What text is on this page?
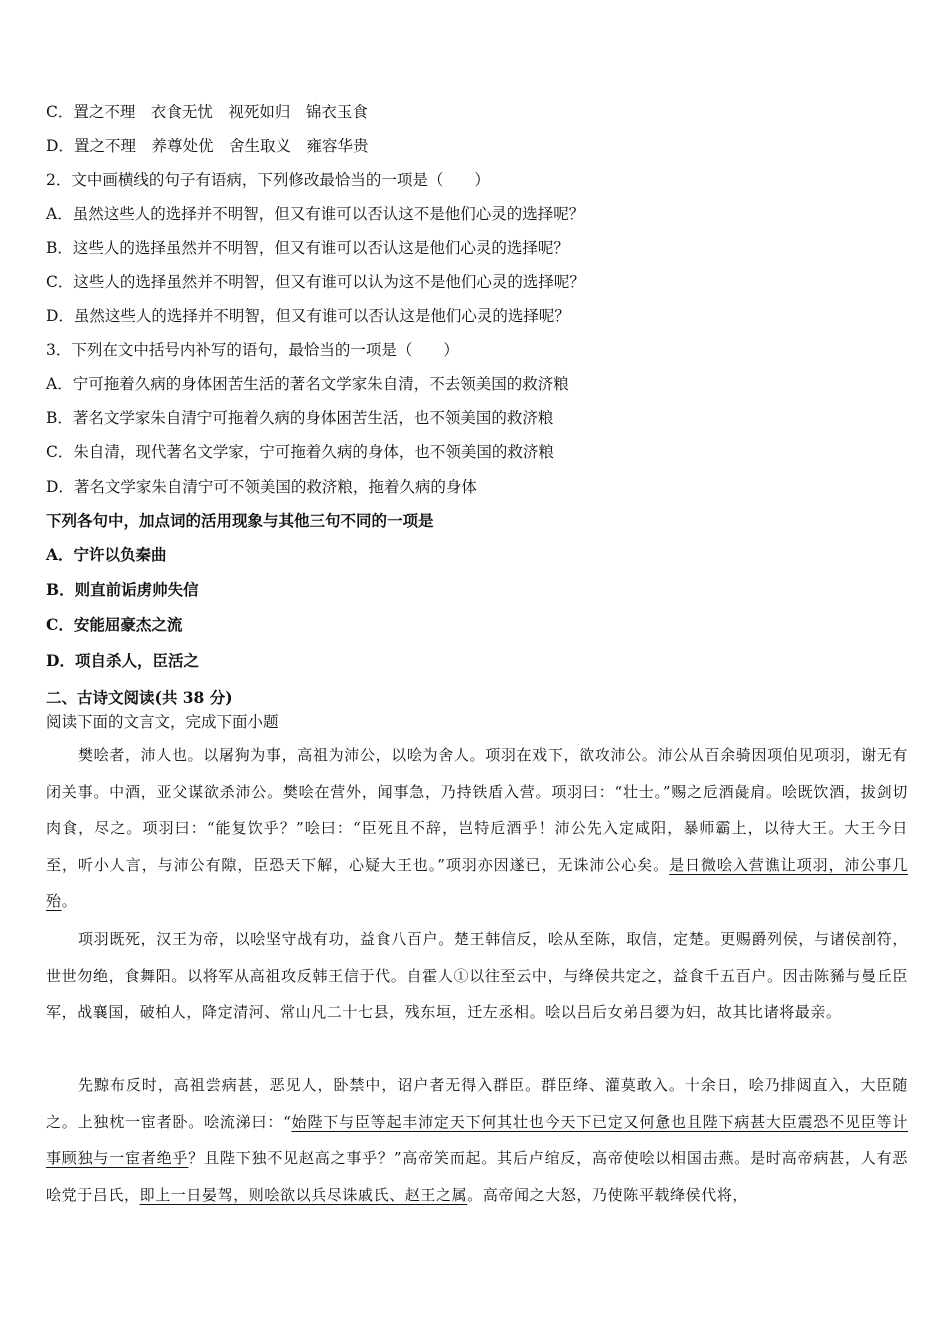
C．置之不理　衣食无忧　视死如归　锦衣玉食
D．置之不理　养尊处优　舍生取义　雍容华贵
2．文中画横线的句子有语病，下列修改最恰当的一项是（　　）
A．虽然这些人的选择并不明智，但又有谁可以否认这不是他们心灵的选择呢？
B．这些人的选择虽然并不明智，但又有谁可以否认这是他们心灵的选择呢？
C．这些人的选择虽然并不明智，但又有谁可以认为这不是他们心灵的选择呢？
D．虽然这些人的选择并不明智，但又有谁可以否认这是他们心灵的选择呢？
3．下列在文中括号内补写的语句，最恰当的一项是（　　）
A．宁可拖着久病的身体困苦生活的著名文学家朱自清，不去领美国的救济粮
B．著名文学家朱自清宁可拖着久病的身体困苦生活，也不领美国的救济粮
C．朱自清，现代著名文学家，宁可拖着久病的身体，也不领美国的救济粮
D．著名文学家朱自清宁可不领美国的救济粮，拖着久病的身体
下列各句中，加点词的活用现象与其他三句不同的一项是
A．宁许以负秦曲
B．则直前诟虏帅失信
C．安能屈豪杰之流
D．项自杀人，臣活之
二、古诗文阅读(共 38 分)
阅读下面的文言文，完成下面小题
樊哙者，沛人也。以屠狗为事，高祖为沛公，以哙为舍人。项羽在戏下，欲攻沛公。沛公从百余骑因项伯见项羽，谢无有闭关事。中酒，亚父谋欲杀沛公。樊哙在营外，闻事急，乃持铁盾入营。项羽曰：“壮士。”赐之卮酒彘肩。哙既饮酒，拔剑切肉食，尽之。项羽曰：“能复饮乎？”哙曰：“臣死且不辞，岂特卮酒乎！沛公先入定咸阳，暴师霸上，以待大王。大王今日至，听小人言，与沛公有隙，臣恐天下解，心疑大王也。”项羽亦因遂已，无诛沛公心矣。是日微哙入营谯让项羽，沛公事几殆。
项羽既死，汉王为帝，以哙坚守战有功，益食八百户。楚王韩信反，哙从至陈，取信，定楚。更赐爵列侯，与诸侯剖符，世世勿绝，食舞阳。以将军从高祖攻反韩王信于代。自霍人①以往至云中，与绛侯共定之，益食千五百户。因击陈豨与曼丘臣军，战襄国，破柏人，降定清河、常山凡二十七县，残东垣，迁左丞相。哙以吕后女弟吕媭为妇，故其比诸将最亲。
先黥布反时，高祖尝病甚，恶见人，卧禁中，诏户者无得入群臣。群臣绛、灌莫敢入。十余日，哙乃排闼直入，大臣随之。上独枕一宦者卧。哙流涕曰：“始陛下与臣等起丰沛定天下何其壮也今天下已定又何惫也且陛下病甚大臣震恐不见臣等计事顾独与一宦者绝乎？且陛下独不见赵高之事乎？”高帝笑而起。其后卢绾反，高帝使哙以相国击燕。是时高帝病甚，人有恶哙党于吕氏，即上一日晏驾，则哙欲以兵尽诛戚氏、赵王之属。高帝闻之大怒，乃使陈平载绛侯代将，
